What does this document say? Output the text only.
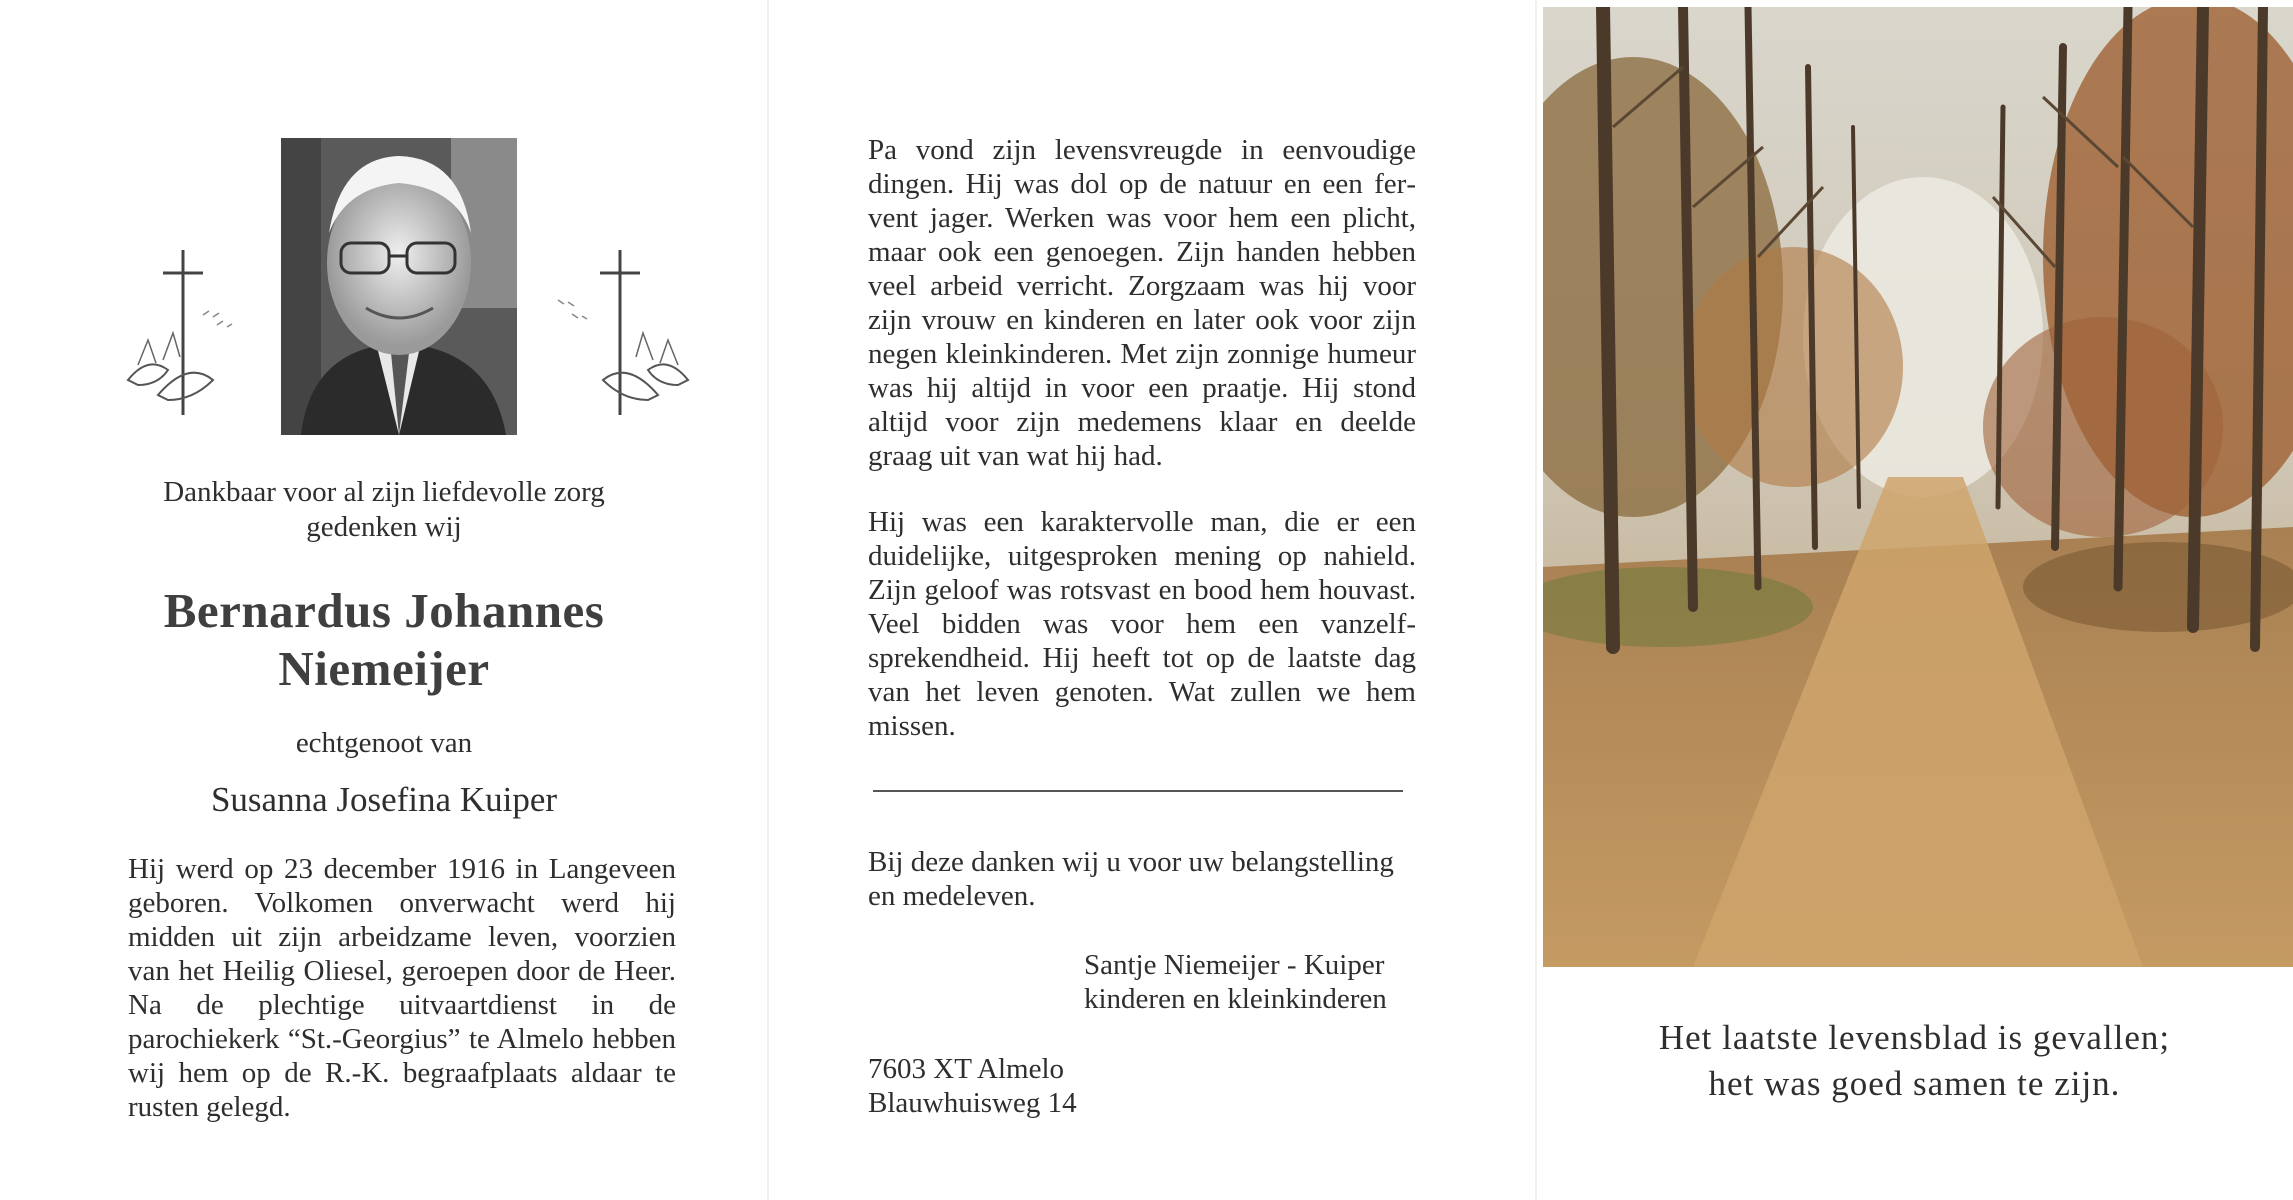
Dankbaar voor al zijn liefdevolle zorg
gedenken wij
Bernardus Johannes
Niemeijer
echtgenoot van
Susanna Josefina Kuiper
Hij werd op 23 december 1916 in Langeveen geboren. Volkomen onverwacht werd hij midden uit zijn arbeidzame leven, voorzien van het Heilig Oliesel, geroepen door de Heer. Na de plechtige uitvaartdienst in de parochiekerk “St.-Georgius” te Almelo hebben wij hem op de R.-K. begraafplaats aldaar te rusten gelegd.
Pa vond zijn levensvreugde in eenvoudige dingen. Hij was dol op de natuur en een fervent jager. Werken was voor hem een plicht, maar ook een genoegen. Zijn handen hebben veel arbeid verricht. Zorgzaam was hij voor zijn vrouw en kinderen en later ook voor zijn negen kleinkinderen. Met zijn zonnige humeur was hij altijd in voor een praatje. Hij stond altijd voor zijn medemens klaar en deelde graag uit van wat hij had.
Hij was een karaktervolle man, die er een duidelijke, uitgesproken mening op nahield. Zijn geloof was rotsvast en bood hem houvast. Veel bidden was voor hem een vanzelfsprekendheid. Hij heeft tot op de laatste dag van het leven genoten. Wat zullen we hem missen.
Bij deze danken wij u voor uw belangstelling en medeleven.
Santje Niemeijer - Kuiper
kinderen en kleinkinderen
7603 XT Almelo
Blauwhuisweg 14
Het laatste levensblad is gevallen;
het was goed samen te zijn.
